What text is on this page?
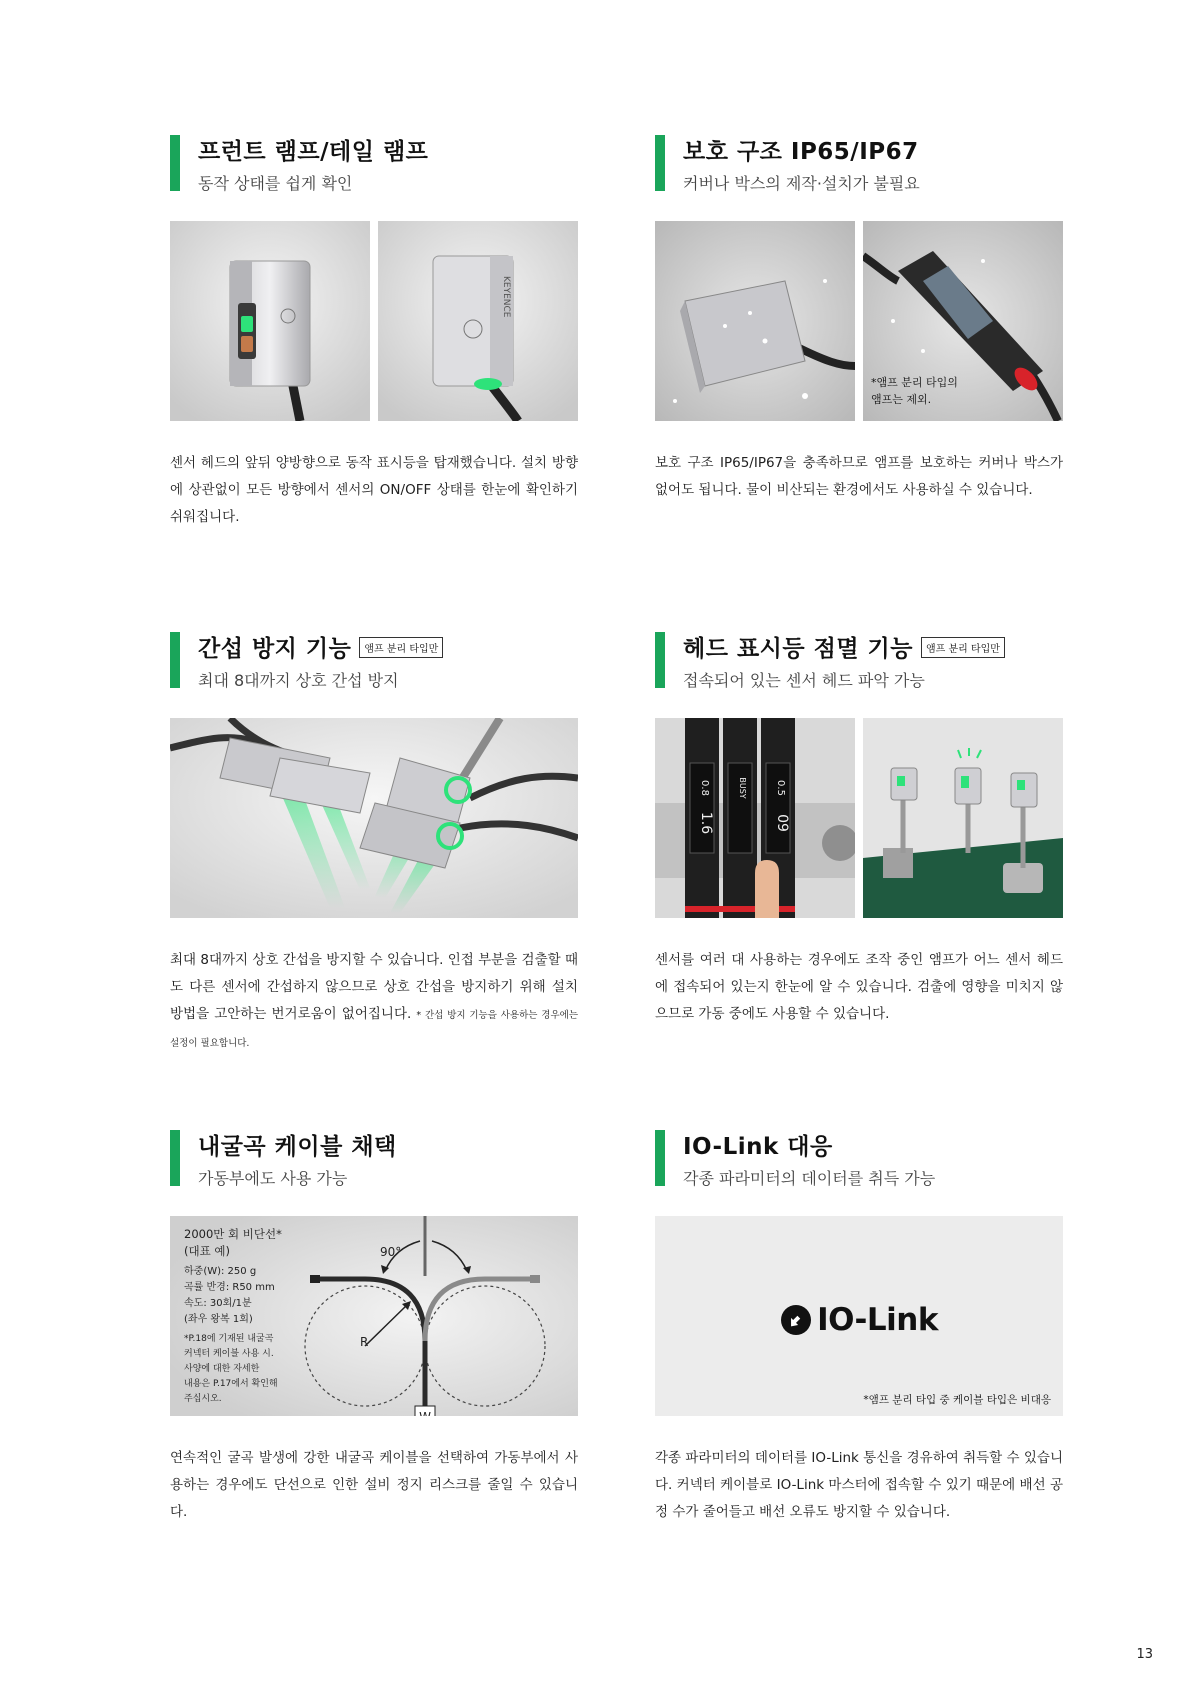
프런트 램프/테일 램프
동작 상태를 쉽게 확인
KEYENCE
센서 헤드의 앞뒤 양방향으로 동작 표시등을 탑재했습니다. 설치 방향에 상관없이 모든 방향에서 센서의 ON/OFF 상태를 한눈에 확인하기 쉬워집니다.
보호 구조 IP65/IP67
커버나 박스의 제작·설치가 불필요
*앰프 분리 타입의
앰프는 제외.
보호 구조 IP65/IP67을 충족하므로 앰프를 보호하는 커버나 박스가 없어도 됩니다. 물이 비산되는 환경에서도 사용하실 수 있습니다.
간섭 방지 기능 앰프 분리 타입만
최대 8대까지 상호 간섭 방지
최대 8대까지 상호 간섭을 방지할 수 있습니다. 인접 부분을 검출할 때도 다른 센서에 간섭하지 않으므로 상호 간섭을 방지하기 위해 설치 방법을 고안하는 번거로움이 없어집니다. * 간섭 방지 기능을 사용하는 경우에는 설정이 필요합니다.
헤드 표시등 점멸 기능 앰프 분리 타입만
접속되어 있는 센서 헤드 파악 가능
0.8
1.6
BUSY	0.5
09
센서를 여러 대 사용하는 경우에도 조작 중인 앰프가 어느 센서 헤드에 접속되어 있는지 한눈에 알 수 있습니다. 검출에 영향을 미치지 않으므로 가동 중에도 사용할 수 있습니다.
내굴곡 케이블 채택
가동부에도 사용 가능
90°
R
W
2000만 회 비단선*
(대표 예)
하중(W): 250 g
곡률 반경: R50 mm
속도: 30회/1분
(좌우 왕복 1회)
*P.18에 기재된 내굴곡
커넥터 케이블 사용 시.
사양에 대한 자세한
내용은 P.17에서 확인해
주십시오.
연속적인 굴곡 발생에 강한 내굴곡 케이블을 선택하여 가동부에서 사용하는 경우에도 단선으로 인한 설비 정지 리스크를 줄일 수 있습니다.
IO-Link 대응
각종 파라미터의 데이터를 취득 가능
IO-Link
*앰프 분리 타입 중 케이블 타입은 비대응
각종 파라미터의 데이터를 IO-Link 통신을 경유하여 취득할 수 있습니다. 커넥터 케이블로 IO-Link 마스터에 접속할 수 있기 때문에 배선 공정 수가 줄어들고 배선 오류도 방지할 수 있습니다.
13
